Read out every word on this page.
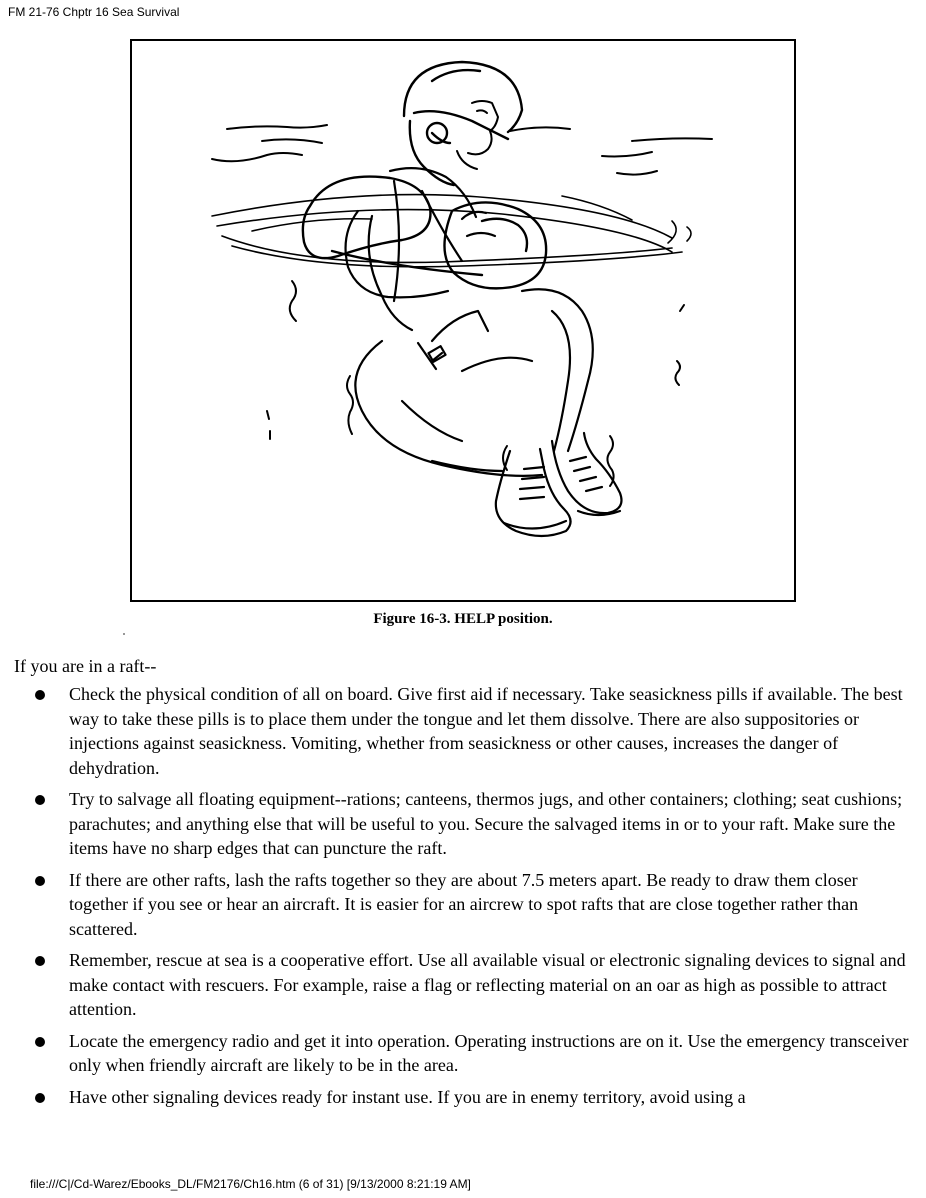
FM 21-76 Chptr 16 Sea Survival
Figure 16-3. HELP position.
If you are in a raft--
Check the physical condition of all on board. Give first aid if necessary. Take seasickness pills if available. The best way to take these pills is to place them under the tongue and let them dissolve. There are also suppositories or injections against seasickness. Vomiting, whether from seasickness or other causes, increases the danger of dehydration.
Try to salvage all floating equipment--rations; canteens, thermos jugs, and other containers; clothing; seat cushions; parachutes; and anything else that will be useful to you. Secure the salvaged items in or to your raft. Make sure the items have no sharp edges that can puncture the raft.
If there are other rafts, lash the rafts together so they are about 7.5 meters apart. Be ready to draw them closer together if you see or hear an aircraft. It is easier for an aircrew to spot rafts that are close together rather than scattered.
Remember, rescue at sea is a cooperative effort. Use all available visual or electronic signaling devices to signal and make contact with rescuers. For example, raise a flag or reflecting material on an oar as high as possible to attract attention.
Locate the emergency radio and get it into operation. Operating instructions are on it. Use the emergency transceiver only when friendly aircraft are likely to be in the area.
Have other signaling devices ready for instant use. If you are in enemy territory, avoid using a
file:///C|/Cd-Warez/Ebooks_DL/FM2176/Ch16.htm (6 of 31) [9/13/2000 8:21:19 AM]
